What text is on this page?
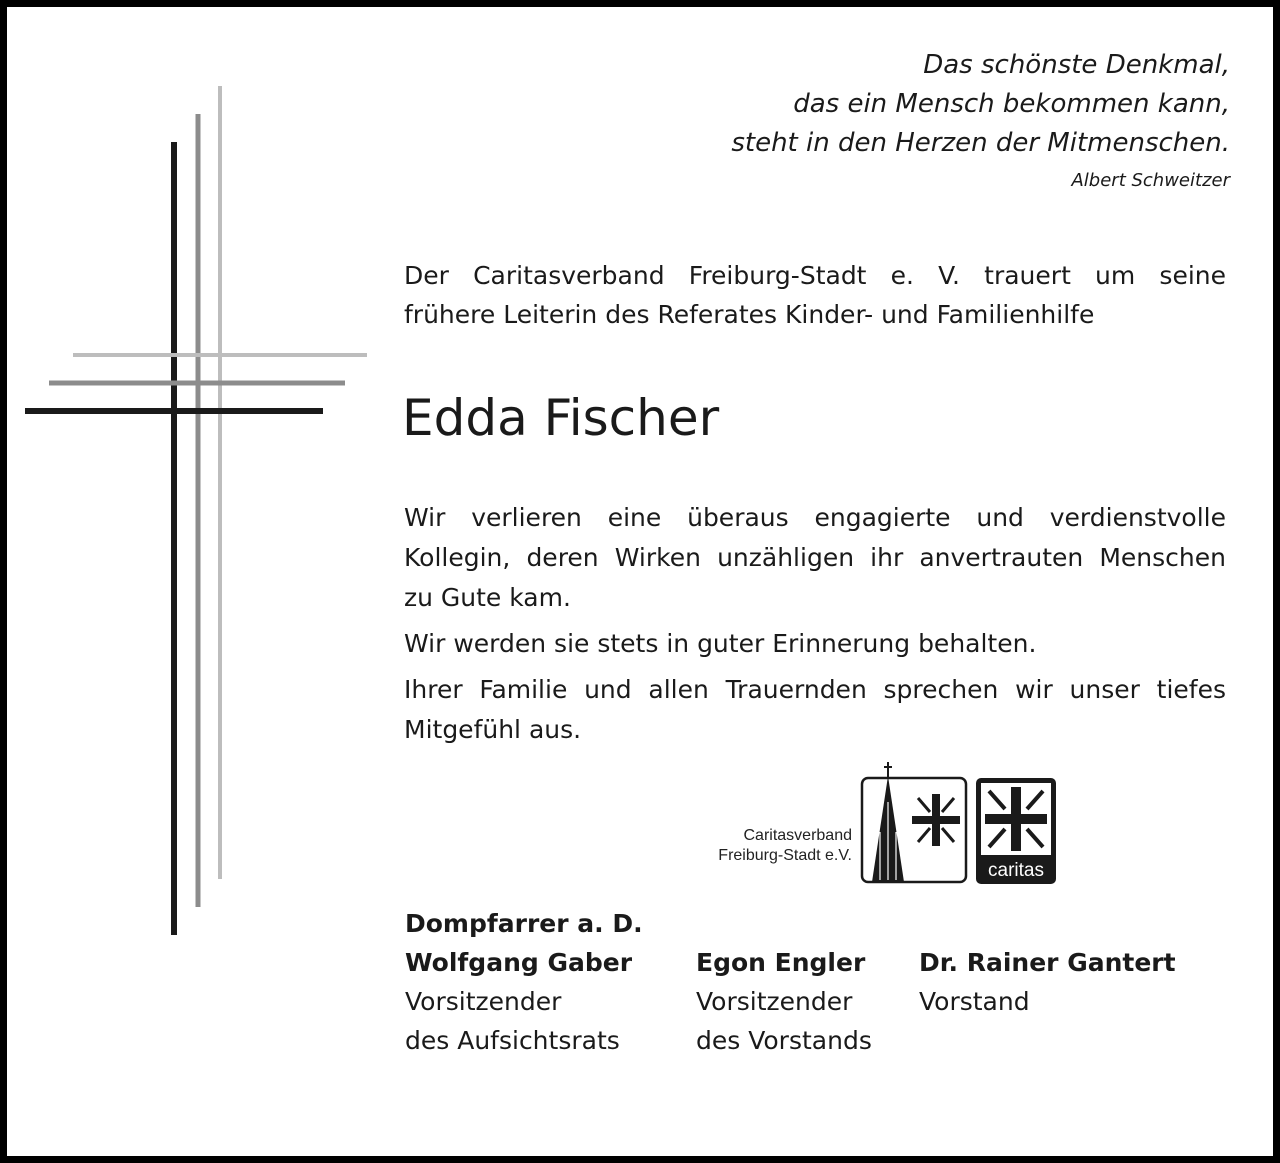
Das schönste Denkmal,
das ein Mensch bekommen kann,
steht in den Herzen der Mitmenschen.
Albert Schweitzer
Der Caritasverband Freiburg-Stadt e. V. trauert um seine
frühere Leiterin des Referates Kinder- und Familienhilfe
Edda Fischer
Wir verlieren eine überaus engagierte und verdienstvolle
Kollegin, deren Wirken unzähligen ihr anvertrauten Menschen
zu Gute kam.
Wir werden sie stets in guter Erinnerung behalten.
Ihrer Familie und allen Trauernden sprechen wir unser tiefes
Mitgefühl aus.
Caritasverband
Freiburg-Stadt e.V.
caritas
Dompfarrer a. D.
Wolfgang Gaber
Vorsitzender
des Aufsichtsrats
Egon Engler
Vorsitzender
des Vorstands
Dr. Rainer Gantert
Vorstand
